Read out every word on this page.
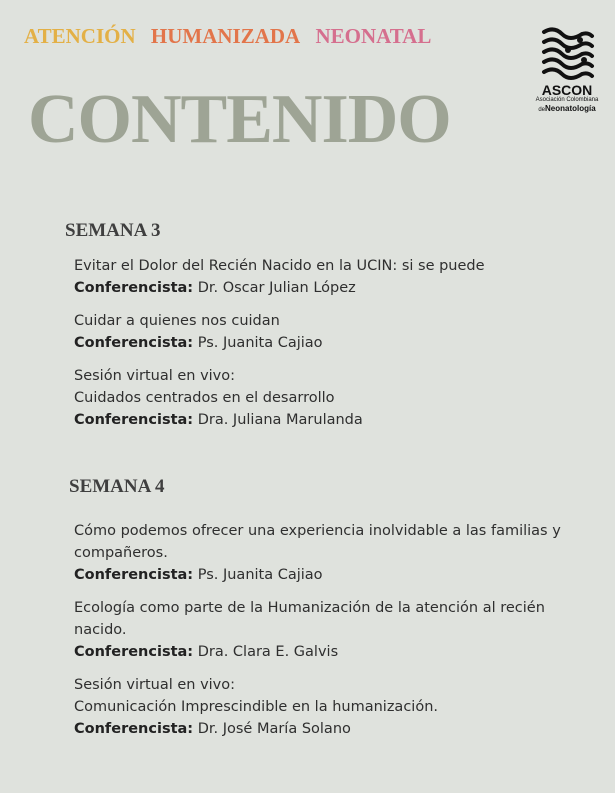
ATENCIÓN HUMANIZADA NEONATAL
CONTENIDO	ASCON
Asociación Colombiana
deNeonatología
SEMANA 3
Evitar el Dolor del Recién Nacido en la UCIN: si se puede
Conferencista: Dr. Oscar Julian López
Cuidar a quienes nos cuidan
Conferencista: Ps. Juanita Cajiao
Sesión virtual en vivo:
Cuidados centrados en el desarrollo
Conferencista: Dra. Juliana Marulanda
SEMANA 4
Cómo podemos ofrecer una experiencia inolvidable a las familias y compañeros.
Conferencista: Ps. Juanita Cajiao
Ecología como parte de la Humanización de la atención al recién nacido.
Conferencista: Dra. Clara E. Galvis
Sesión virtual en vivo:
Comunicación Imprescindible en la humanización.
Conferencista: Dr. José María Solano
